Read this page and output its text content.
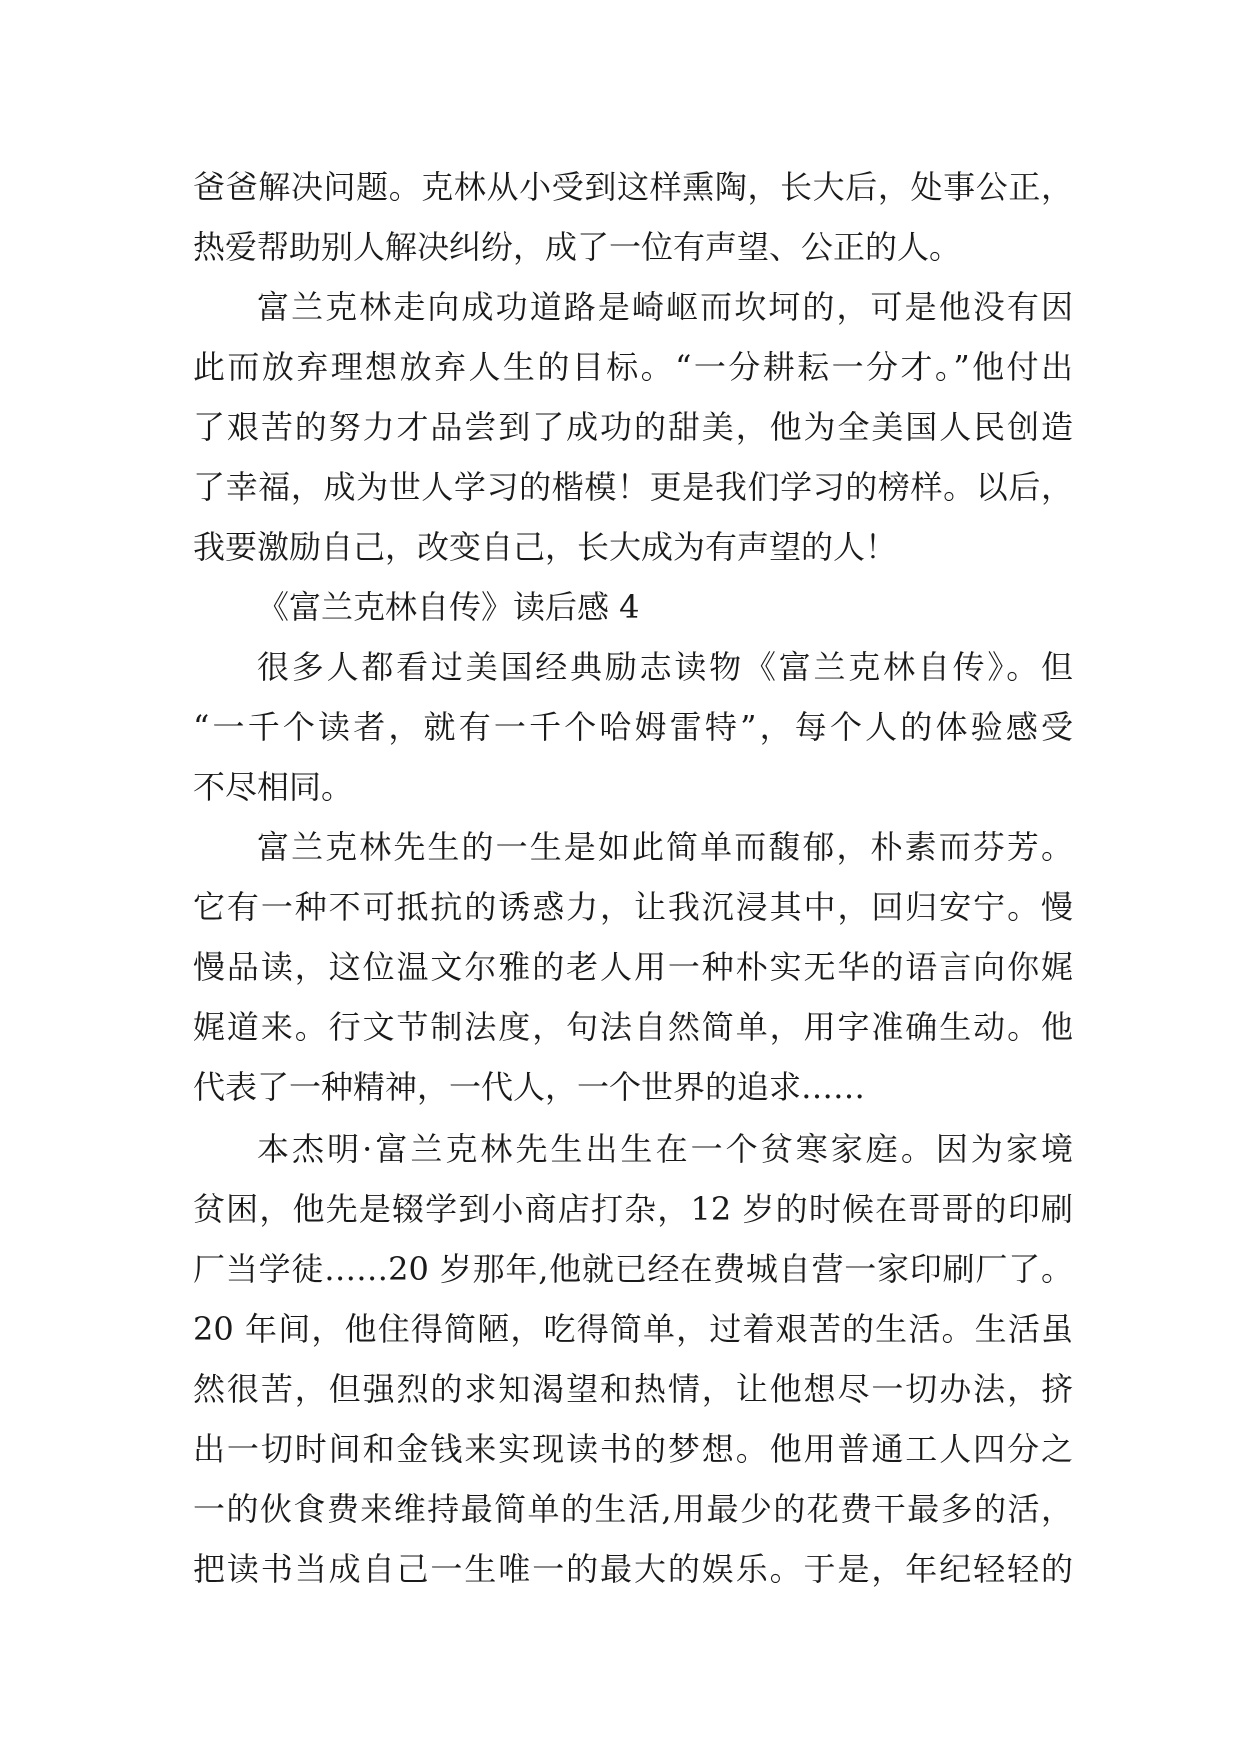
爸爸解决问题。克林从小受到这样熏陶，长大后，处事公正，
热爱帮助别人解决纠纷，成了一位有声望、公正的人。
富兰克林走向成功道路是崎岖而坎坷的，可是他没有因
此而放弃理想放弃人生的目标。“一分耕耘一分才。”他付出
了艰苦的努力才品尝到了成功的甜美，他为全美国人民创造
了幸福，成为世人学习的楷模！更是我们学习的榜样。以后，
我要激励自己，改变自己，长大成为有声望的人！
《富兰克林自传》读后感 4
很多人都看过美国经典励志读物《富兰克林自传》。但
“一千个读者，就有一千个哈姆雷特”，每个人的体验感受
不尽相同。
富兰克林先生的一生是如此简单而馥郁，朴素而芬芳。
它有一种不可抵抗的诱惑力，让我沉浸其中，回归安宁。慢
慢品读，这位温文尔雅的老人用一种朴实无华的语言向你娓
娓道来。行文节制法度，句法自然简单，用字准确生动。他
代表了一种精神，一代人，一个世界的追求……
本杰明·富兰克林先生出生在一个贫寒家庭。因为家境
贫困，他先是辍学到小商店打杂，12 岁的时候在哥哥的印刷
厂当学徒……20 岁那年,他就已经在费城自营一家印刷厂了。
20 年间，他住得简陋，吃得简单，过着艰苦的生活。生活虽
然很苦，但强烈的求知渴望和热情，让他想尽一切办法，挤
出一切时间和金钱来实现读书的梦想。他用普通工人四分之
一的伙食费来维持最简单的生活,用最少的花费干最多的活，
把读书当成自己一生唯一的最大的娱乐。于是，年纪轻轻的
